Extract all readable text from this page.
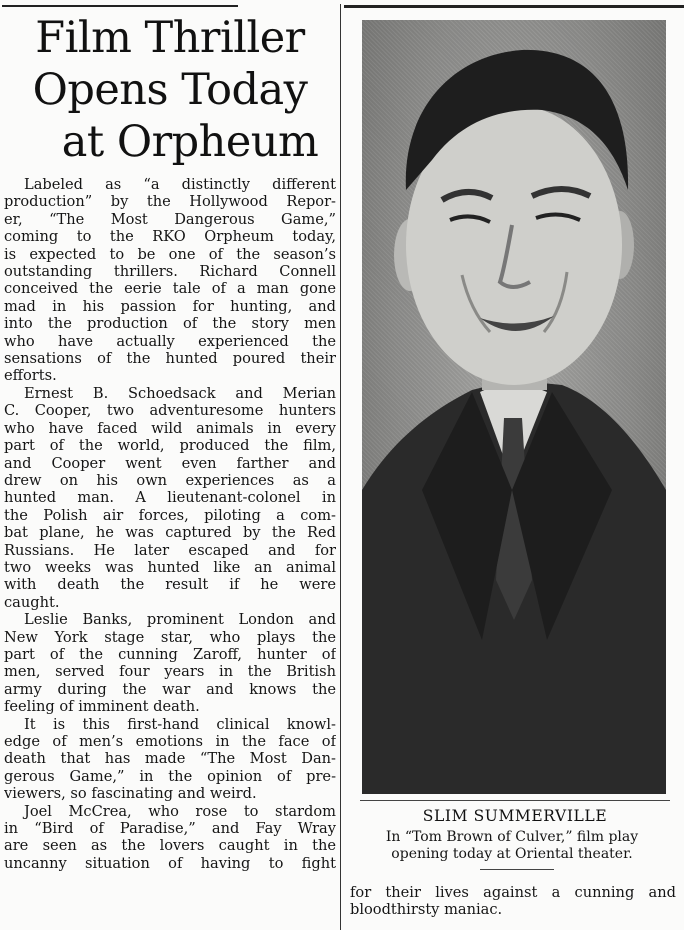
Film Thriller
Opens Today
at Orpheum
Labeled as “a distinctly different
production” by the Hollywood Repor-
er, “The Most Dangerous Game,”
coming to the RKO Orpheum today,
is expected to be one of the season’s
outstanding thrillers. Richard Connell
conceived the eerie tale of a man gone
mad in his passion for hunting, and
into the production of the story men
who have actually experienced the
sensations of the hunted poured their
efforts.
Ernest B. Schoedsack and Merian
C. Cooper, two adventuresome hunters
who have faced wild animals in every
part of the world, produced the film,
and Cooper went even farther and
drew on his own experiences as a
hunted man. A lieutenant-colonel in
the Polish air forces, piloting a com-
bat plane, he was captured by the Red
Russians. He later escaped and for
two weeks was hunted like an animal
with death the result if he were
caught.
Leslie Banks, prominent London and
New York stage star, who plays the
part of the cunning Zaroff, hunter of
men, served four years in the British
army during the war and knows the
feeling of imminent death.
It is this first-hand clinical knowl-
edge of men’s emotions in the face of
death that has made “The Most Dan-
gerous Game,” in the opinion of pre-
viewers, so fascinating and weird.
Joel McCrea, who rose to stardom
in “Bird of Paradise,” and Fay Wray
are seen as the lovers caught in the
uncanny situation of having to fight
SLIM SUMMERVILLE
In “Tom Brown of Culver,” film play
opening today at Oriental theater.
for their lives against a cunning and
bloodthirsty maniac.
